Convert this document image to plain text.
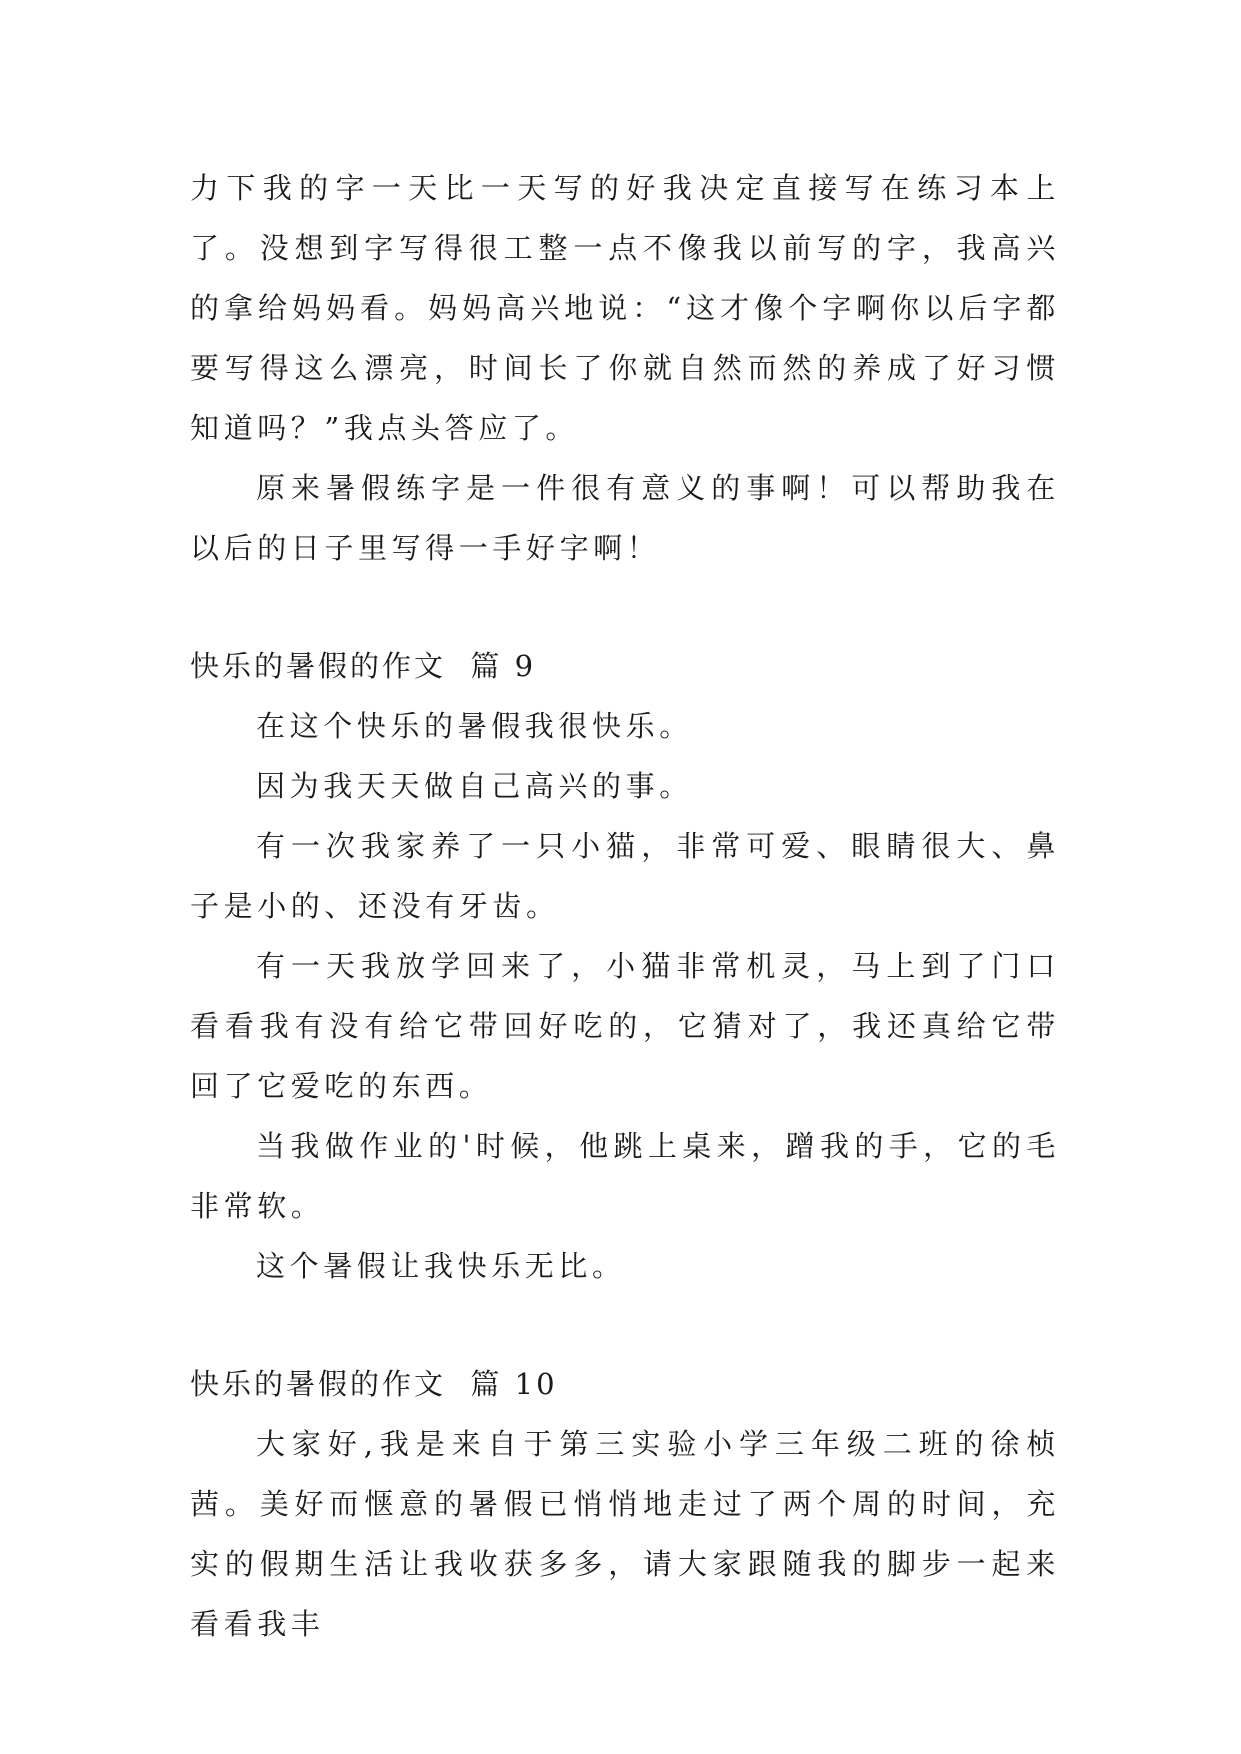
力下我的字一天比一天写的好我决定直接写在练习本上了。没想到字写得很工整一点不像我以前写的字，我高兴的拿给妈妈看。妈妈高兴地说：“这才像个字啊你以后字都要写得这么漂亮，时间长了你就自然而然的养成了好习惯知道吗？”我点头答应了。

原来暑假练字是一件很有意义的事啊！可以帮助我在以后的日子里写得一手好字啊！

快乐的暑假的作文  篇 9

在这个快乐的暑假我很快乐。

因为我天天做自己高兴的事。

有一次我家养了一只小猫，非常可爱、眼睛很大、鼻子是小的、还没有牙齿。

有一天我放学回来了，小猫非常机灵，马上到了门口看看我有没有给它带回好吃的，它猜对了，我还真给它带回了它爱吃的东西。

当我做作业的'时候，他跳上桌来，蹭我的手，它的毛非常软。

这个暑假让我快乐无比。

快乐的暑假的作文  篇 10

大家好,我是来自于第三实验小学三年级二班的徐桢茜。美好而惬意的暑假已悄悄地走过了两个周的时间，充实的假期生活让我收获多多，请大家跟随我的脚步一起来看看我丰
